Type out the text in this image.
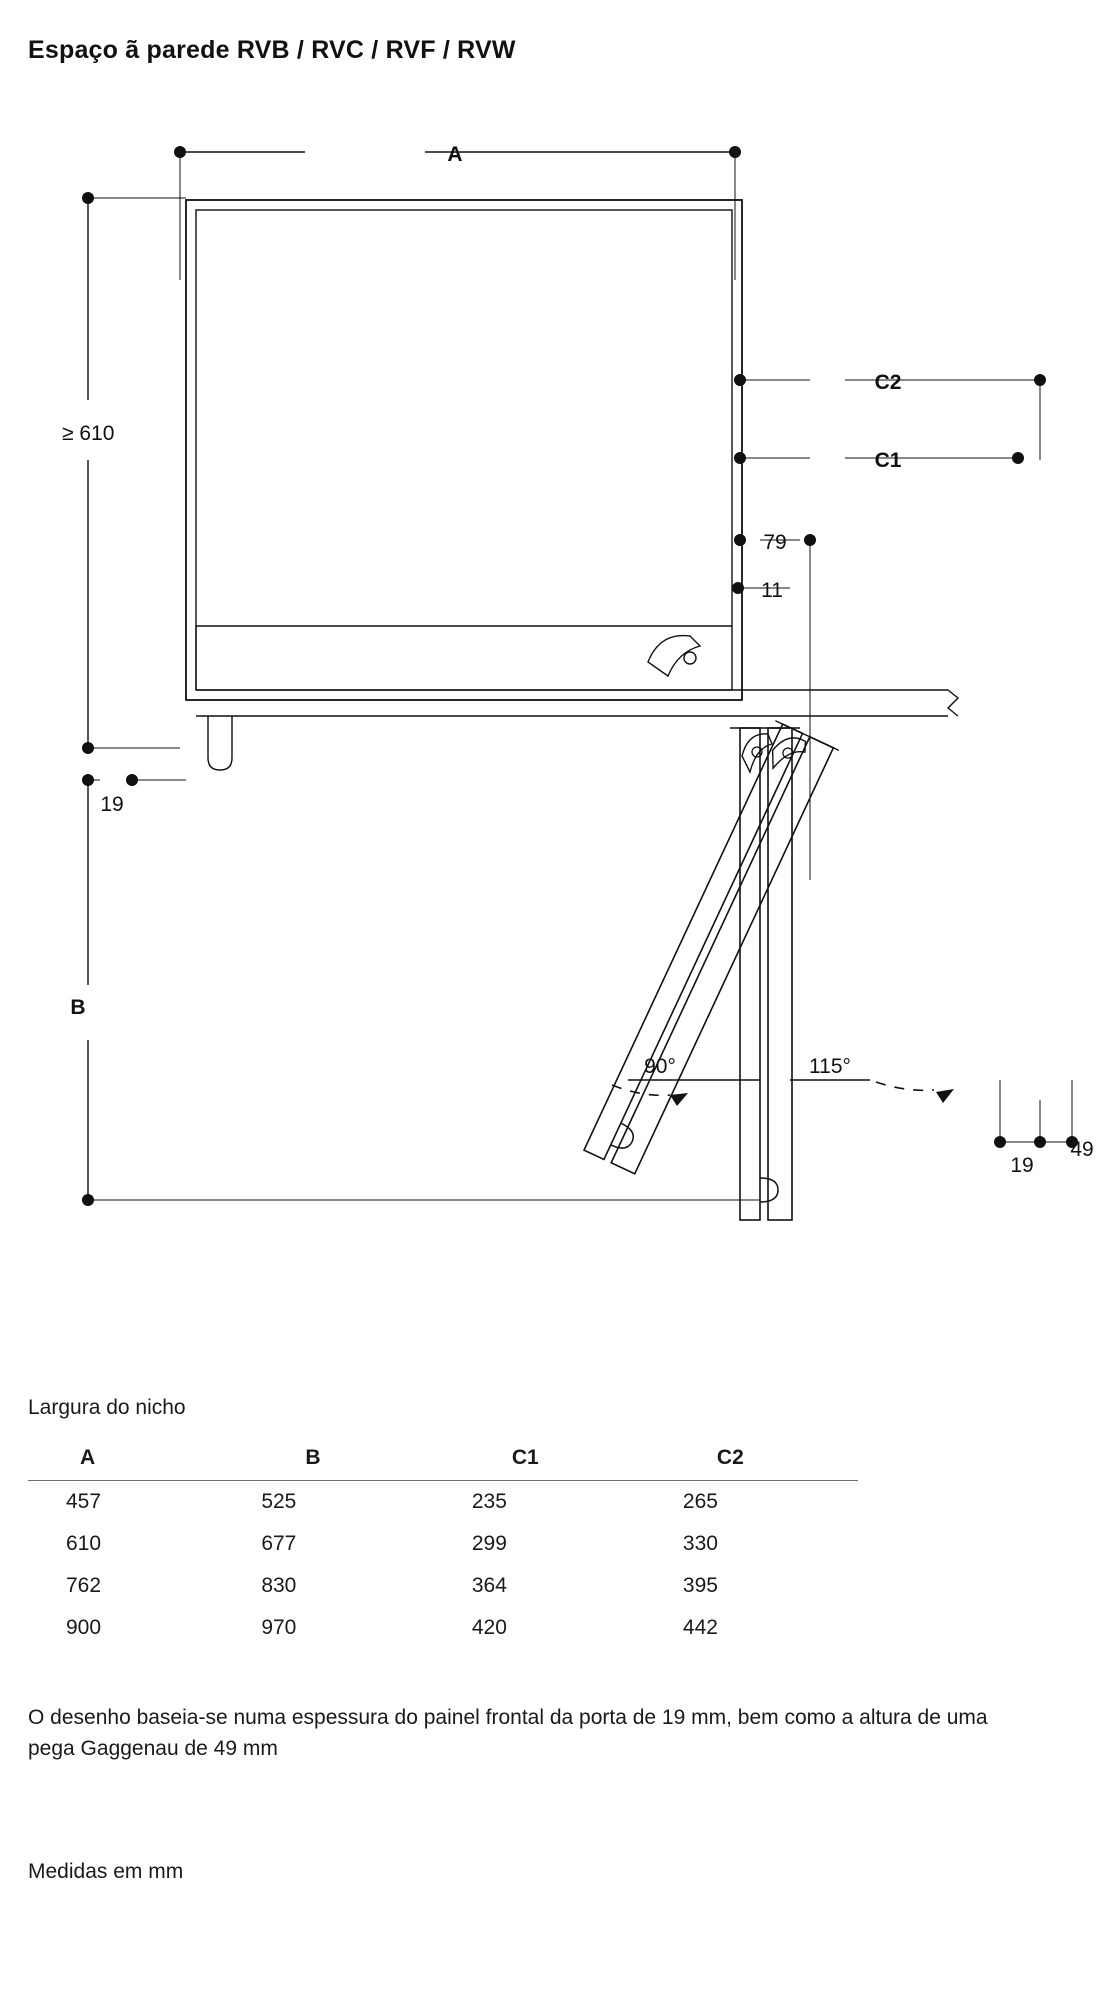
Espaço ã parede RVB / RVC / RVF / RVW
A
≥ 610
B
C2
C1
79
11
19
90°	115°
19
49
Largura do nicho
A	B	C1	C2
457	525	235	265
610	677	299	330
762	830	364	395
900	970	420	442
O desenho baseia-se numa espessura do painel frontal da porta de 19 mm, bem como a altura de uma pega Gaggenau de 49 mm
Medidas em mm
